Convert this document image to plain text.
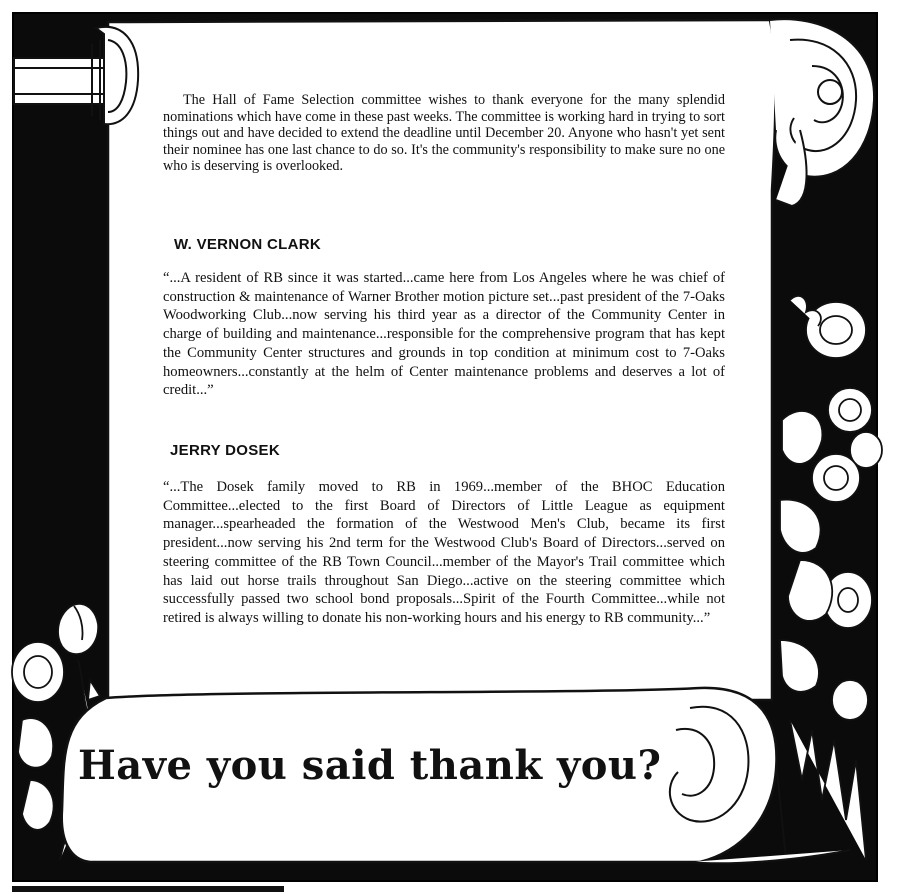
The Hall of Fame Selection committee wishes to thank everyone for the many splendid nominations which have come in these past weeks. The committee is working hard in trying to sort things out and have decided to extend the deadline until December 20. Anyone who hasn't yet sent their nominee has one last chance to do so. It's the community's responsibility to make sure no one who is deserving is overlooked.
W. VERNON CLARK
“...A resident of RB since it was started...came here from Los Angeles where he was chief of construction & maintenance of Warner Brother motion picture set...past president of the 7-Oaks Woodworking Club...now serving his third year as a director of the Community Center in charge of building and maintenance...responsible for the comprehensive program that has kept the Community Center structures and grounds in top condition at minimum cost to 7-Oaks homeowners...constantly at the helm of Center maintenance problems and deserves a lot of credit...”
JERRY DOSEK
“...The Dosek family moved to RB in 1969...member of the BHOC Education Committee...elected to the first Board of Directors of Little League as equipment manager...spearheaded the formation of the Westwood Men's Club, became its first president...now serving his 2nd term for the Westwood Club's Board of Directors...served on steering committee of the RB Town Council...member of the Mayor's Trail committee which has laid out horse trails throughout San Diego...active on the steering committee which successfully passed two school bond proposals...Spirit of the Fourth Committee...while not retired is always willing to donate his non-working hours and his energy to RB community...”
Have you said thank you?
